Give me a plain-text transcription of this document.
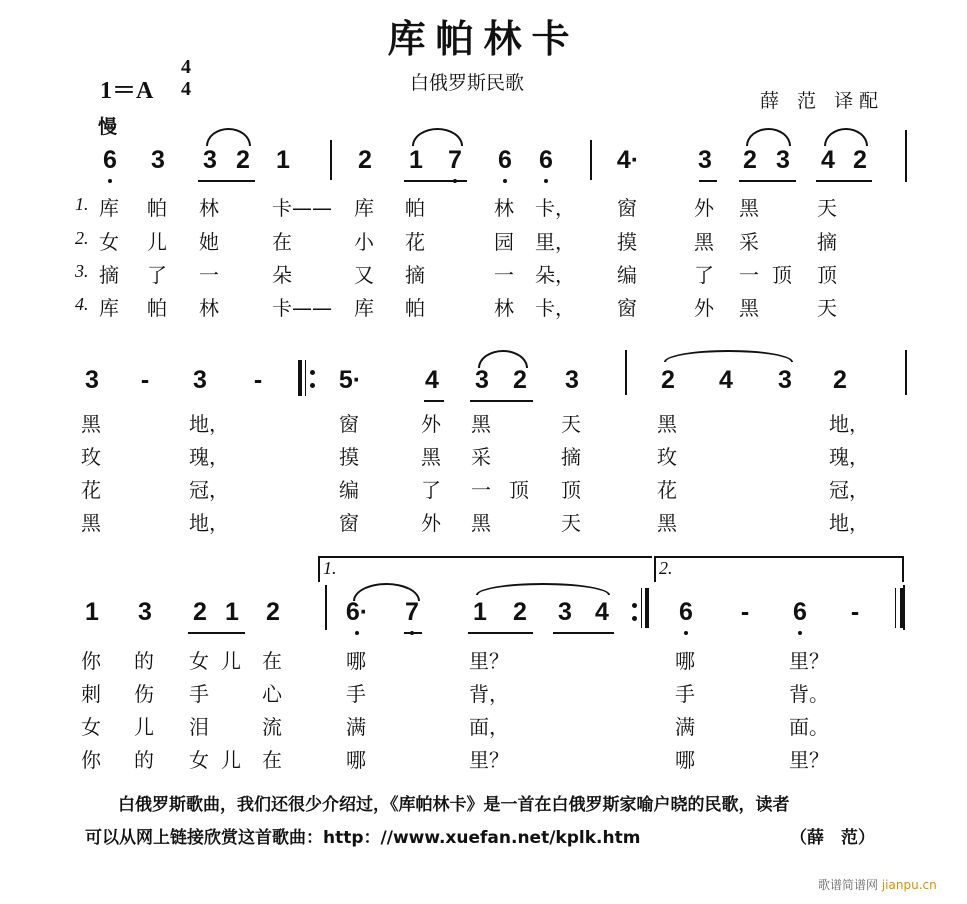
库帕林卡
1＝A
4
4	白俄罗斯民歌
薛 范 译配
慢
6 3 3 2 1	2 1 7 6 6	4· 3 2 3 4 2
3	-	3	-	5·	4 3 2 3	2 4 3 2
1 3 2 1 2	6· 7 1 2 3 4	6	-	6	-
1.
2.
3.
4.
库 帕 林	卡—— 库 帕	林 卡， 窗	外 黑	天
女 儿 她	在	小 花	园 里， 摸	黑 采	摘
摘 了 一	朵	又 摘	一 朵， 编	了 一 顶 顶
库 帕 林	卡—— 库 帕	林 卡， 窗	外 黑	天
黑	地，	窗	外 黑	天	黑	地，
玫	瑰，	摸	黑 采	摘	玫	瑰，
花	冠，	编	了 一 顶 顶	花	冠，
黑	地，	窗	外 黑	天	黑	地，
你 的 女 儿 在	哪	里？	哪	里？
刺 伤 手	心	手	背，	手	背。
女 儿 泪	流	满	面，	满	面。
你 的 女 儿 在	哪	里？	哪	里？
1.	2.
白俄罗斯歌曲，我们还很少介绍过，《库帕林卡》是一首在白俄罗斯家喻户晓的民歌，读者
可以从网上链接欣赏这首歌曲：http：//www.xuefan.net/kplk.htm	（薛　范）
歌谱简谱网 jianpu.cn
